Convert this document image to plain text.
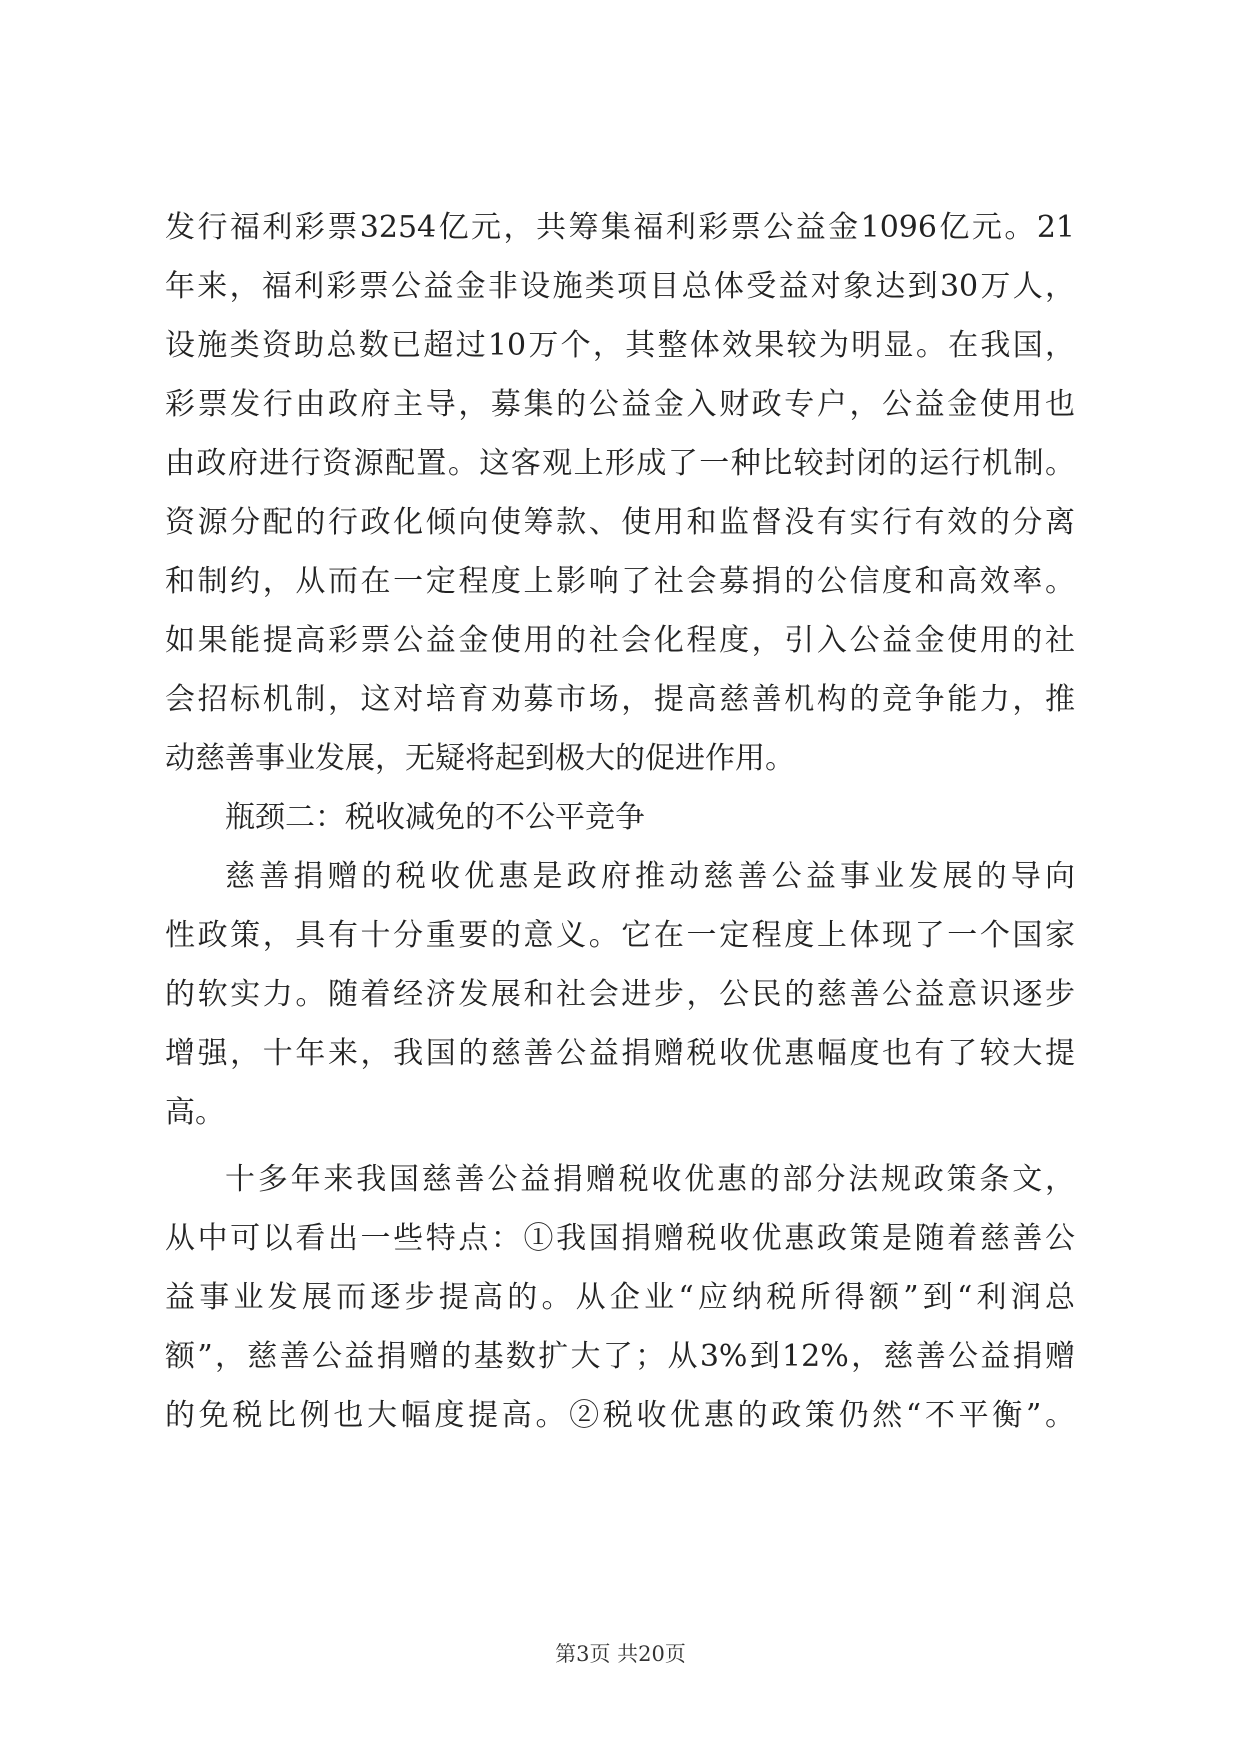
发行福利彩票3254亿元，共筹集福利彩票公益金1096亿元。21
年来，福利彩票公益金非设施类项目总体受益对象达到30万人，
设施类资助总数已超过10万个，其整体效果较为明显。在我国，
彩票发行由政府主导，募集的公益金入财政专户，公益金使用也
由政府进行资源配置。这客观上形成了一种比较封闭的运行机制。
资源分配的行政化倾向使筹款、使用和监督没有实行有效的分离
和制约，从而在一定程度上影响了社会募捐的公信度和高效率。
如果能提高彩票公益金使用的社会化程度，引入公益金使用的社
会招标机制，这对培育劝募市场，提高慈善机构的竞争能力，推
动慈善事业发展，无疑将起到极大的促进作用。
瓶颈二：税收减免的不公平竞争
慈善捐赠的税收优惠是政府推动慈善公益事业发展的导向
性政策，具有十分重要的意义。它在一定程度上体现了一个国家
的软实力。随着经济发展和社会进步，公民的慈善公益意识逐步
增强，十年来，我国的慈善公益捐赠税收优惠幅度也有了较大提
高。
十多年来我国慈善公益捐赠税收优惠的部分法规政策条文，
从中可以看出一些特点：①我国捐赠税收优惠政策是随着慈善公
益事业发展而逐步提高的。从企业“应纳税所得额”到“利润总
额”，慈善公益捐赠的基数扩大了；从3%到12%，慈善公益捐赠
的免税比例也大幅度提高。②税收优惠的政策仍然“不平衡”。
第3页 共20页
